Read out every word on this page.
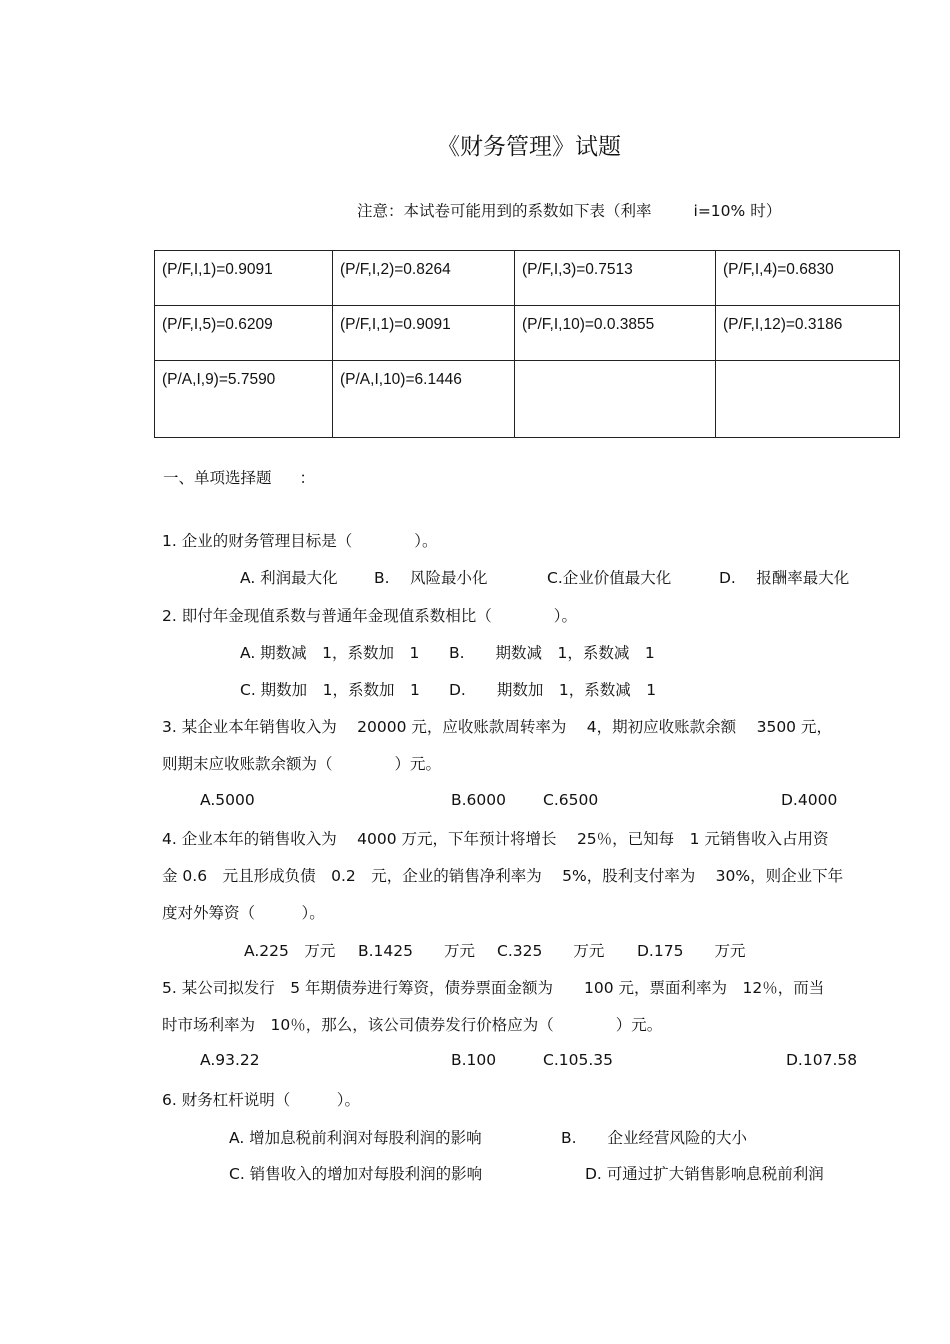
《财务管理》试题
注意：本试卷可能用到的系数如下表（利率	i=10% 时）
(P/F,I,1)=0.9091	(P/F,I,2)=0.8264	(P/F,I,3)=0.7513	(P/F,I,4)=0.6830
(P/F,I,5)=0.6209	(P/F,I,1)=0.9091	(P/F,I,10)=0.0.3855	(P/F,I,12)=0.3186
(P/A,I,9)=5.7590	(P/A,I,10)=6.1446		
一、单项选择题 ：
1. 企业的财务管理目标是（　　　　）。
A. 利润最大化 B.　 风险最小化	C.企业价值最大化	D.　 报酬率最大化
2. 即付年金现值系数与普通年金现值系数相比（　　　　）。
A. 期数减　1，系数加　1 B.　　期数减　1，系数减　1
C. 期数加　1，系数加　1 D.　　期数加　1，系数减　1
3. 某企业本年销售收入为　 20000 元，应收账款周转率为　 4，期初应收账款余额　 3500 元，
则期末应收账款余额为（　　　　）元。
A.5000	B.6000 C.6500	D.4000
4. 企业本年的销售收入为　 4000 万元，下年预计将增长　 25％，已知每　1 元销售收入占用资
金 0.6　元且形成负债　0.2　元，企业的销售净利率为　 5%，股利支付率为　 30%，则企业下年
度对外筹资（　　　）。
A.225　万元 B.1425　　万元 C.325　　万元 D.175　　万元
5. 某公司拟发行　5 年期债券进行筹资，债券票面金额为　　100 元，票面利率为　12％，而当
时市场利率为　10％，那么，该公司债券发行价格应为（　　　　）元。
A.93.22	B.100	C.105.35	D.107.58
6. 财务杠杆说明（　　　）。
A. 增加息税前利润对每股利润的影响	B.　　企业经营风险的大小
C. 销售收入的增加对每股利润的影响	D. 可通过扩大销售影响息税前利润
